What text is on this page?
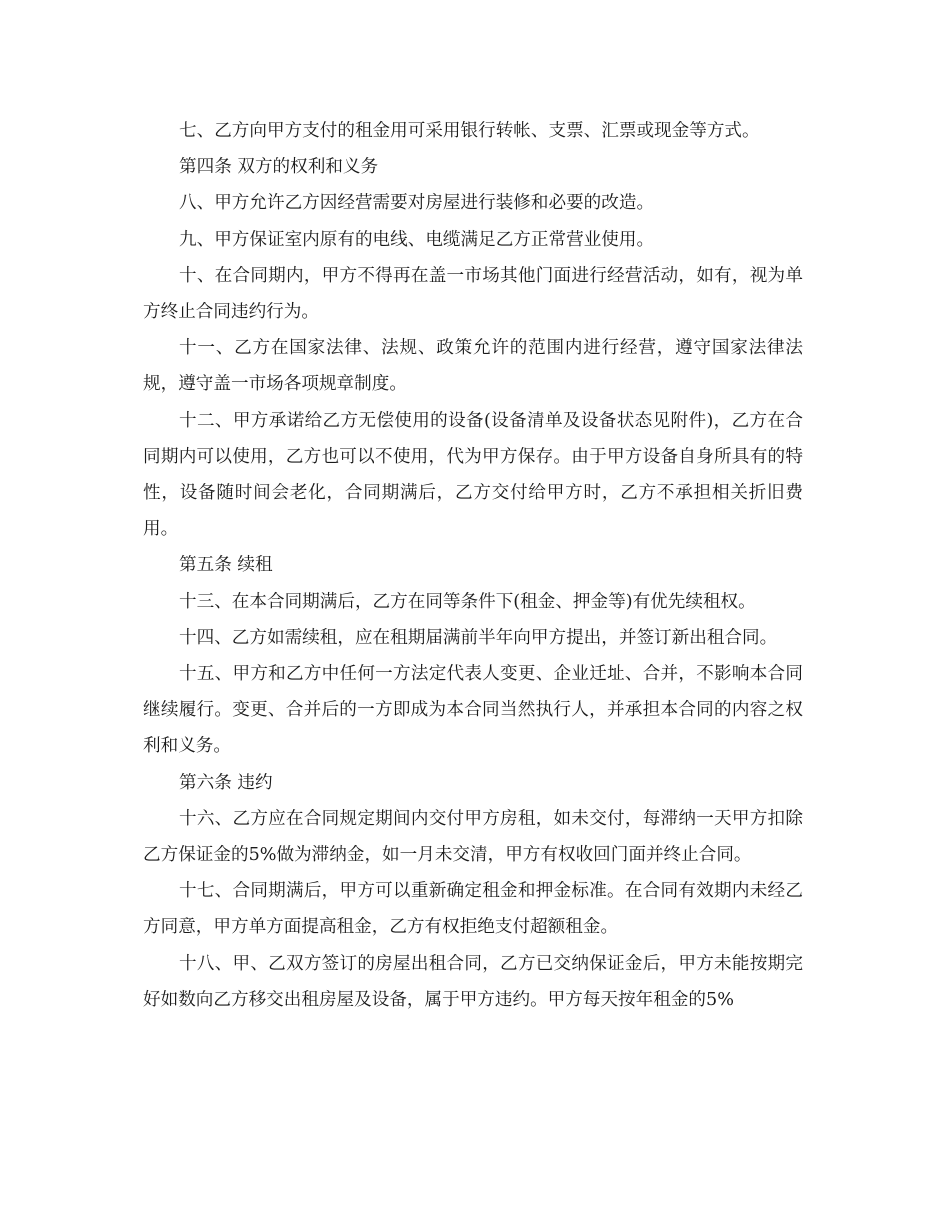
七、乙方向甲方支付的租金用可采用银行转帐、支票、汇票或现金等方式。

第四条 双方的权利和义务

八、甲方允许乙方因经营需要对房屋进行装修和必要的改造。

九、甲方保证室内原有的电线、电缆满足乙方正常营业使用。

十、在合同期内，甲方不得再在盖一市场其他门面进行经营活动，如有，视为单方终止合同违约行为。

十一、乙方在国家法律、法规、政策允许的范围内进行经营，遵守国家法律法规，遵守盖一市场各项规章制度。

十二、甲方承诺给乙方无偿使用的设备(设备清单及设备状态见附件)，乙方在合同期内可以使用，乙方也可以不使用，代为甲方保存。由于甲方设备自身所具有的特性，设备随时间会老化，合同期满后，乙方交付给甲方时，乙方不承担相关折旧费用。

第五条 续租

十三、在本合同期满后，乙方在同等条件下(租金、押金等)有优先续租权。

十四、乙方如需续租，应在租期届满前半年向甲方提出，并签订新出租合同。

十五、甲方和乙方中任何一方法定代表人变更、企业迁址、合并，不影响本合同继续履行。变更、合并后的一方即成为本合同当然执行人，并承担本合同的内容之权利和义务。

第六条 违约

十六、乙方应在合同规定期间内交付甲方房租，如未交付，每滞纳一天甲方扣除乙方保证金的5%做为滞纳金，如一月未交清，甲方有权收回门面并终止合同。

十七、合同期满后，甲方可以重新确定租金和押金标准。在合同有效期内未经乙方同意，甲方单方面提高租金，乙方有权拒绝支付超额租金。

十八、甲、乙双方签订的房屋出租合同，乙方已交纳保证金后，甲方未能按期完好如数向乙方移交出租房屋及设备，属于甲方违约。甲方每天按年租金的5%
